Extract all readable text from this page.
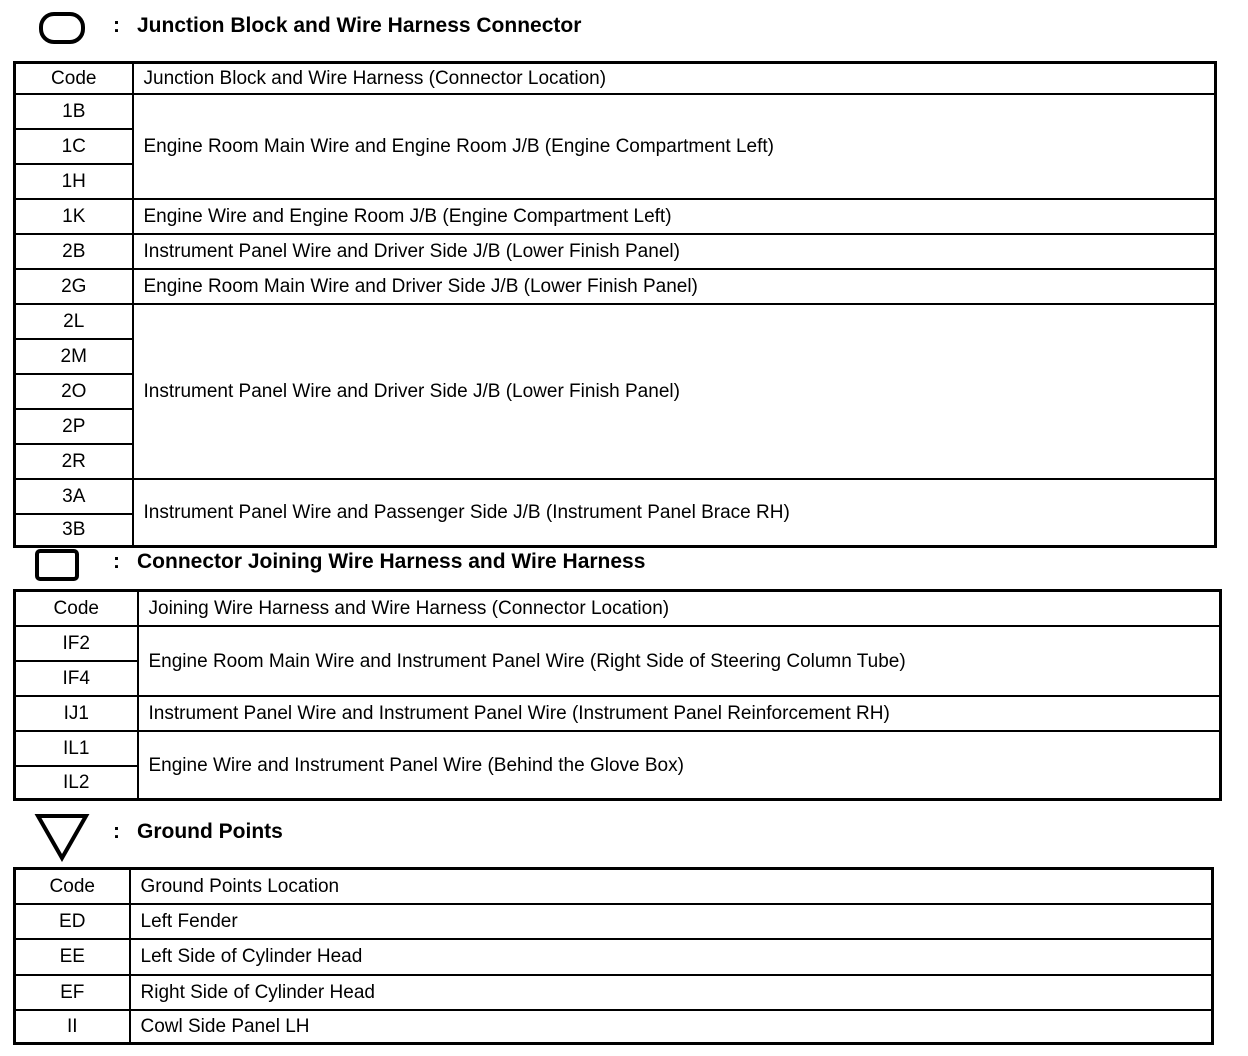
: Junction Block and Wire Harness Connector
Code	Junction Block and Wire Harness (Connector Location)
1B	Engine Room Main Wire and Engine Room J/B (Engine Compartment Left)
1C	
1H	
1K	Engine Wire and Engine Room J/B (Engine Compartment Left)
2B	Instrument Panel Wire and Driver Side J/B (Lower Finish Panel)
2G	Engine Room Main Wire and Driver Side J/B (Lower Finish Panel)
2L	Instrument Panel Wire and Driver Side J/B (Lower Finish Panel)
2M	
2O	
2P	
2R	
3A	Instrument Panel Wire and Passenger Side J/B (Instrument Panel Brace RH)
3B	
: Connector Joining Wire Harness and Wire Harness
Code	Joining Wire Harness and Wire Harness (Connector Location)
IF2	Engine Room Main Wire and Instrument Panel Wire (Right Side of Steering Column Tube)
IF4	
IJ1	Instrument Panel Wire and Instrument Panel Wire (Instrument Panel Reinforcement RH)
IL1	Engine Wire and Instrument Panel Wire (Behind the Glove Box)
IL2	
: Ground Points
Code	Ground Points Location
ED	Left Fender
EE	Left Side of Cylinder Head
EF	Right Side of Cylinder Head
II	Cowl Side Panel LH
